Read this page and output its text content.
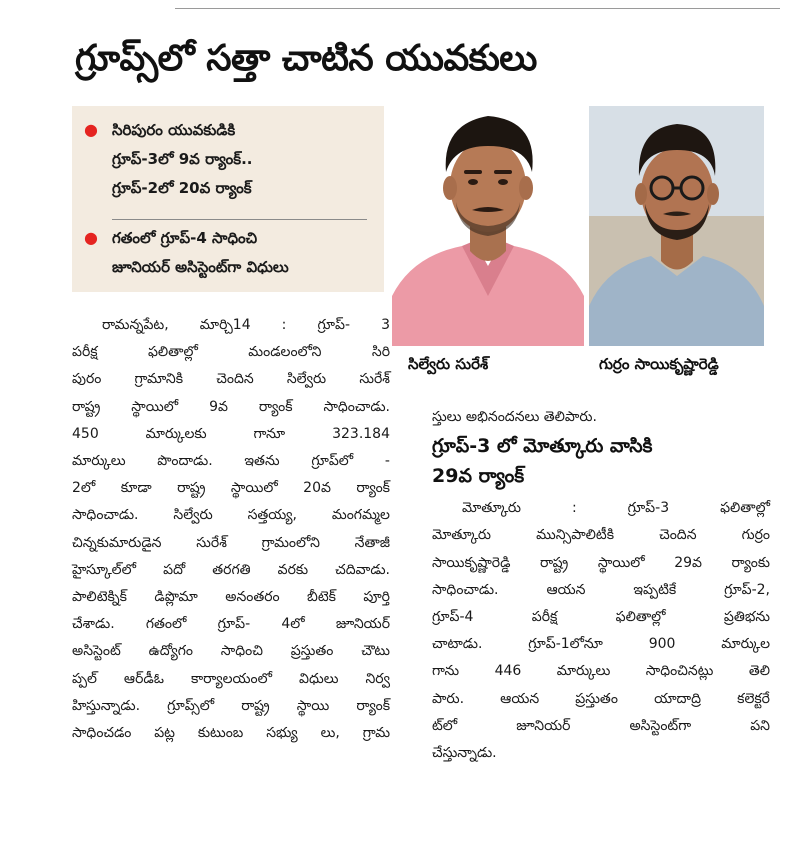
గ్రూప్స్‌లో సత్తా చాటిన యువకులు
● సిరిపురం యువకుడికి
గ్రూప్-3లో 9వ ర్యాంక్..
గ్రూప్-2లో 20వ ర్యాంక్
● గతంలో గ్రూప్-4 సాధించి
జూనియర్ అసిస్టెంట్‌గా విధులు
సిల్వేరు సురేశ్	గుర్రం సాయికృష్ణారెడ్డి
రామన్నపేట, మార్చి14 : గ్రూప్- 3
పరీక్ష ఫలితాల్లో మండలంలోని సిరి
పురం గ్రామానికి చెందిన సిల్వేరు సురేశ్
రాష్ట్ర స్థాయిలో 9వ ర్యాంక్ సాధించాడు.
450 మార్కులకు గానూ 323.184
మార్కులు పొందాడు. ఇతను గ్రూప్‌లో -
2లో కూడా రాష్ట్ర స్థాయిలో 20వ ర్యాంక్
సాధించాడు. సిల్వేరు సత్తయ్య, మంగమ్మల
చిన్నకుమారుడైన సురేశ్ గ్రామంలోని నేతాజీ
హైస్కూల్‌లో పదో తరగతి వరకు చదివాడు.
పాలిటెక్నిక్ డిప్లొమా అనంతరం బీటెక్ పూర్తి
చేశాడు. గతంలో గ్రూప్- 4లో జూనియర్
అసిస్టెంట్ ఉద్యోగం సాధించి ప్రస్తుతం చౌటు
ప్పల్ ఆర్‌డీఓ కార్యాలయంలో విధులు నిర్వ
హిస్తున్నాడు. గ్రూప్స్‌లో రాష్ట్ర స్థాయి ర్యాంక్
సాధించడం పట్ల కుటుంబ సభ్యు లు, గ్రామ
స్తులు అభినందనలు తెలిపారు.
గ్రూప్-3 లో మోత్కూరు వాసికి
29వ ర్యాంక్
మోత్కూరు : గ్రూప్-3 ఫలితాల్లో
మోత్కూరు మున్సిపాలిటీకి చెందిన గుర్రం
సాయికృష్ణారెడ్డి రాష్ట్ర స్థాయిలో 29వ ర్యాంకు
సాధించాడు. ఆయన ఇప్పటికే గ్రూప్-2,
గ్రూప్-4 పరీక్ష ఫలితాల్లో ప్రతిభను
చాటాడు. గ్రూప్-1లోనూ 900 మార్కుల
గాను 446 మార్కులు సాధించినట్లు తెలి
పారు. ఆయన ప్రస్తుతం యాదాద్రి కలెక్టరే
ట్‌లో జూనియర్ అసిస్టెంట్‌గా పని
చేస్తున్నాడు.
